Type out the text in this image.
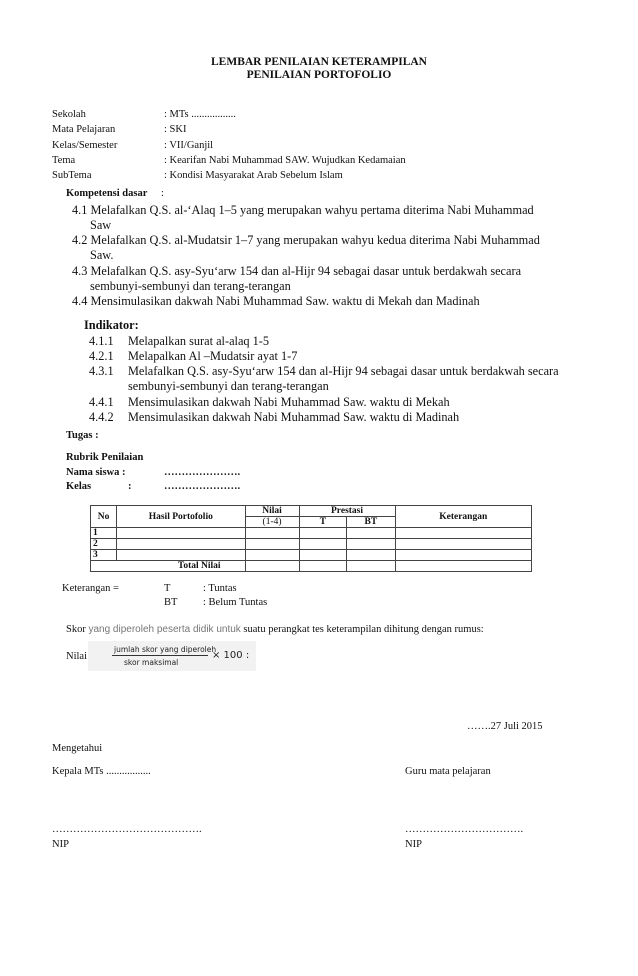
LEMBAR PENILAIAN KETERAMPILAN
PENILAIAN PORTOFOLIO
Sekolah	: MTs .................
Mata Pelajaran	: SKI
Kelas/Semester	: VII/Ganjil
Tema	: Kearifan Nabi Muhammad SAW. Wujudkan Kedamaian
SubTema	: Kondisi Masyarakat Arab Sebelum Islam
Kompetensi dasar :
4.1 Melafalkan Q.S. al-‘Alaq 1–5 yang merupakan wahyu pertama diterima Nabi Muhammad
Saw
4.2 Melafalkan Q.S. al-Mudatsir 1–7 yang merupakan wahyu kedua diterima Nabi Muhammad
Saw.
4.3 Melafalkan Q.S. asy-Syu‘arw 154 dan al-Hijr 94 sebagai dasar untuk berdakwah secara
sembunyi-sembunyi dan terang-terangan
4.4 Mensimulasikan dakwah Nabi Muhammad Saw. waktu di Mekah dan Madinah
Indikator:
4.1.1 Melapalkan surat al-alaq 1-5
4.2.1 Melapalkan Al –Mudatsir ayat 1-7
4.3.1 Melafalkan Q.S. asy-Syu‘arw 154 dan al-Hijr 94 sebagai dasar untuk berdakwah secara
sembunyi-sembunyi dan terang-terangan
4.4.1 Mensimulasikan dakwah Nabi Muhammad Saw. waktu di Mekah
4.4.2 Mensimulasikan dakwah Nabi Muhammad Saw. waktu di Madinah
Tugas :
Rubrik Penilaian
Nama siswa :	………………….
Kelas	:	………………….
No	Hasil Portofolio	Nilai	Prestasi		Keterangan
		(1-4)	T	BT	
1					
2					
3					
Total Nilai					
Keterangan =	T	: Tuntas
BT : Belum Tuntas
Skor yang diperoleh peserta didik untuk suatu perangkat tes keterampilan dihitung dengan rumus:
Nilai
jumlah skor yang diperoleh
skor maksimal
× 100 :
…….27 Juli 2015
Mengetahui
Kepala MTs .................	Guru mata pelajaran
…………………………………….	…………………………….
NIP	NIP
